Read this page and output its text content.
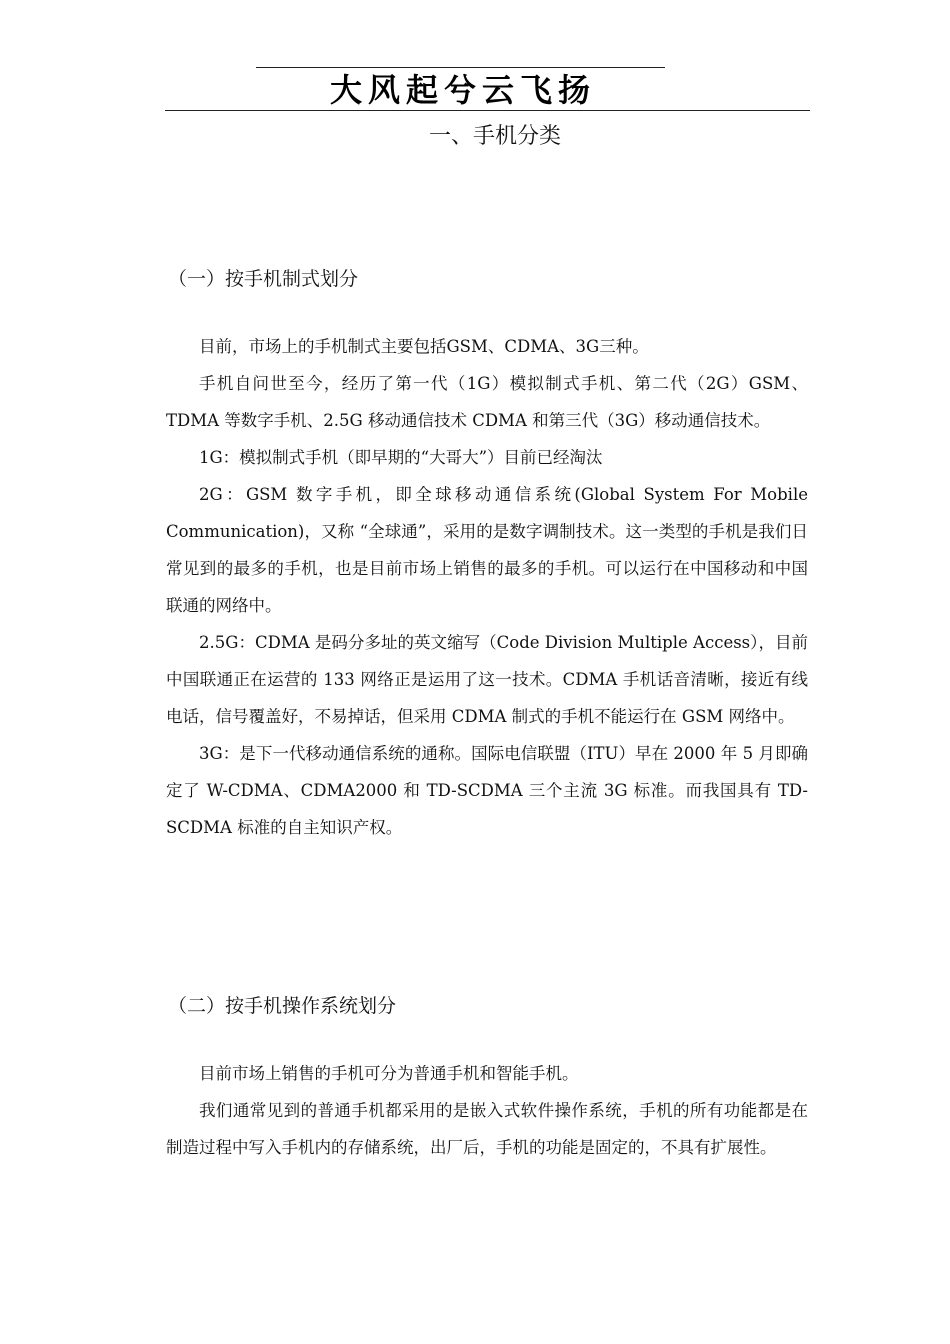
大风起兮云飞扬
一、手机分类
（一）按手机制式划分

目前，市场上的手机制式主要包括GSM、CDMA、3G三种。

手机自问世至今，经历了第一代（1G）模拟制式手机、第二代（2G）GSM、TDMA 等数字手机、2.5G 移动通信技术 CDMA 和第三代（3G）移动通信技术。

1G：模拟制式手机（即早期的“大哥大”）目前已经淘汰

2G：GSM 数字手机，即全球移动通信系统(Global System For Mobile Communication)，又称 “全球通”，采用的是数字调制技术。这一类型的手机是我们日常见到的最多的手机，也是目前市场上销售的最多的手机。可以运行在中国移动和中国联通的网络中。

2.5G：CDMA 是码分多址的英文缩写（Code Division Multiple Access），目前中国联通正在运营的 133 网络正是运用了这一技术。CDMA 手机话音清晰，接近有线电话，信号覆盖好，不易掉话，但采用 CDMA 制式的手机不能运行在 GSM 网络中。

3G：是下一代移动通信系统的通称。国际电信联盟（ITU）早在 2000 年 5 月即确定了 W-CDMA、CDMA2000 和 TD-SCDMA 三个主流 3G 标准。而我国具有 TD-SCDMA 标准的自主知识产权。

（二）按手机操作系统划分

目前市场上销售的手机可分为普通手机和智能手机。

我们通常见到的普通手机都采用的是嵌入式软件操作系统，手机的所有功能都是在制造过程中写入手机内的存储系统，出厂后，手机的功能是固定的，不具有扩展性。
